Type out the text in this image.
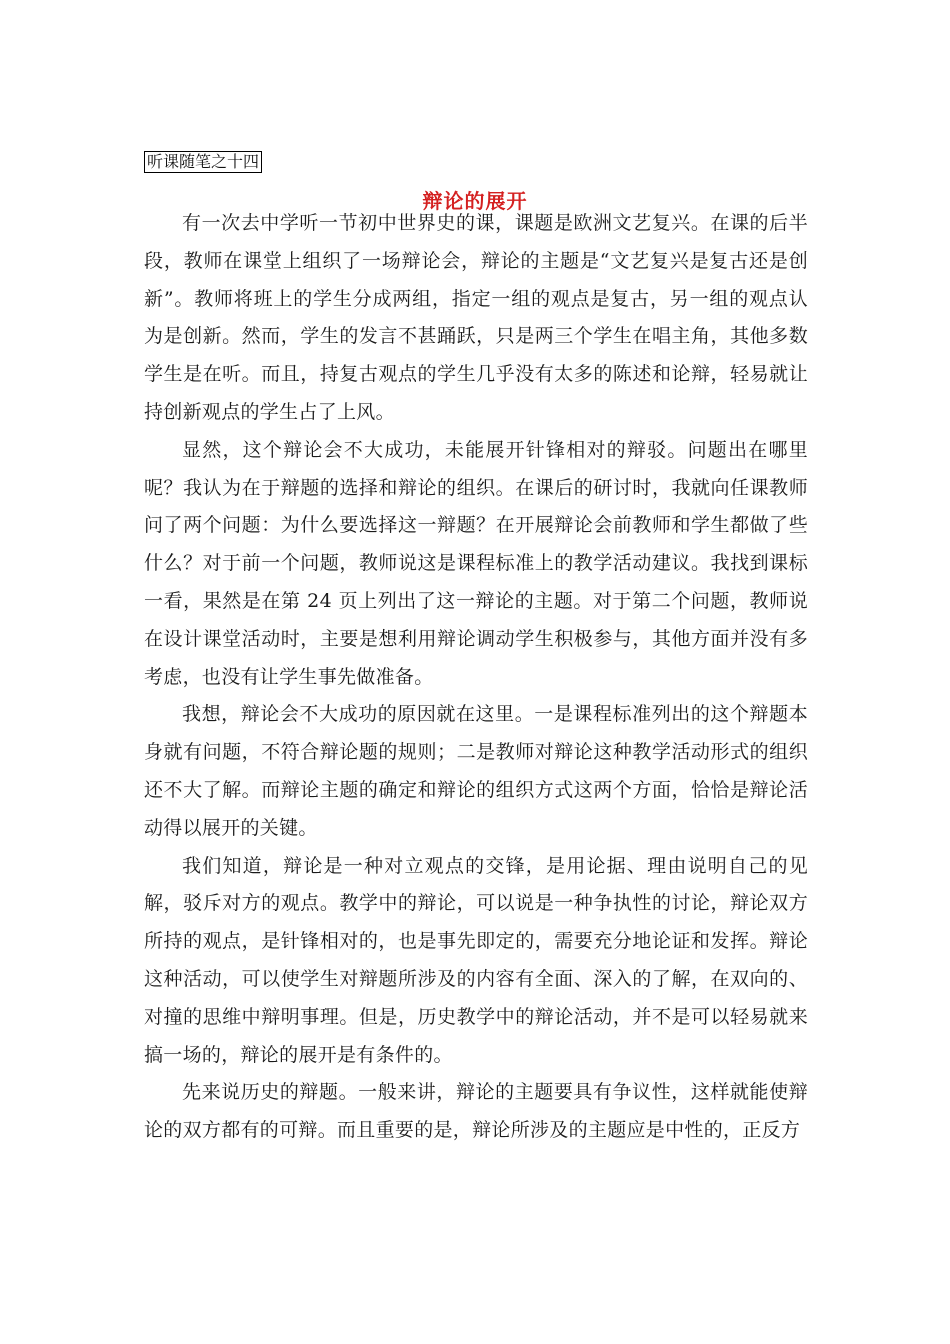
听课随笔之十四
辩论的展开

有一次去中学听一节初中世界史的课，课题是欧洲文艺复兴。在课的后半段，教师在课堂上组织了一场辩论会，辩论的主题是“文艺复兴是复古还是创新”。教师将班上的学生分成两组，指定一组的观点是复古，另一组的观点认为是创新。然而，学生的发言不甚踊跃，只是两三个学生在唱主角，其他多数学生是在听。而且，持复古观点的学生几乎没有太多的陈述和论辩，轻易就让持创新观点的学生占了上风。

显然，这个辩论会不大成功，未能展开针锋相对的辩驳。问题出在哪里呢？我认为在于辩题的选择和辩论的组织。在课后的研讨时，我就向任课教师问了两个问题：为什么要选择这一辩题？在开展辩论会前教师和学生都做了些什么？对于前一个问题，教师说这是课程标准上的教学活动建议。我找到课标一看，果然是在第 24 页上列出了这一辩论的主题。对于第二个问题，教师说在设计课堂活动时，主要是想利用辩论调动学生积极参与，其他方面并没有多考虑，也没有让学生事先做准备。

我想，辩论会不大成功的原因就在这里。一是课程标准列出的这个辩题本身就有问题，不符合辩论题的规则；二是教师对辩论这种教学活动形式的组织还不大了解。而辩论主题的确定和辩论的组织方式这两个方面，恰恰是辩论活动得以展开的关键。

我们知道，辩论是一种对立观点的交锋，是用论据、理由说明自己的见解，驳斥对方的观点。教学中的辩论，可以说是一种争执性的讨论，辩论双方所持的观点，是针锋相对的，也是事先即定的，需要充分地论证和发挥。辩论这种活动，可以使学生对辩题所涉及的内容有全面、深入的了解，在双向的、对撞的思维中辩明事理。但是，历史教学中的辩论活动，并不是可以轻易就来搞一场的，辩论的展开是有条件的。

先来说历史的辩题。一般来讲，辩论的主题要具有争议性，这样就能使辩论的双方都有的可辩。而且重要的是，辩论所涉及的主题应是中性的，正反方
